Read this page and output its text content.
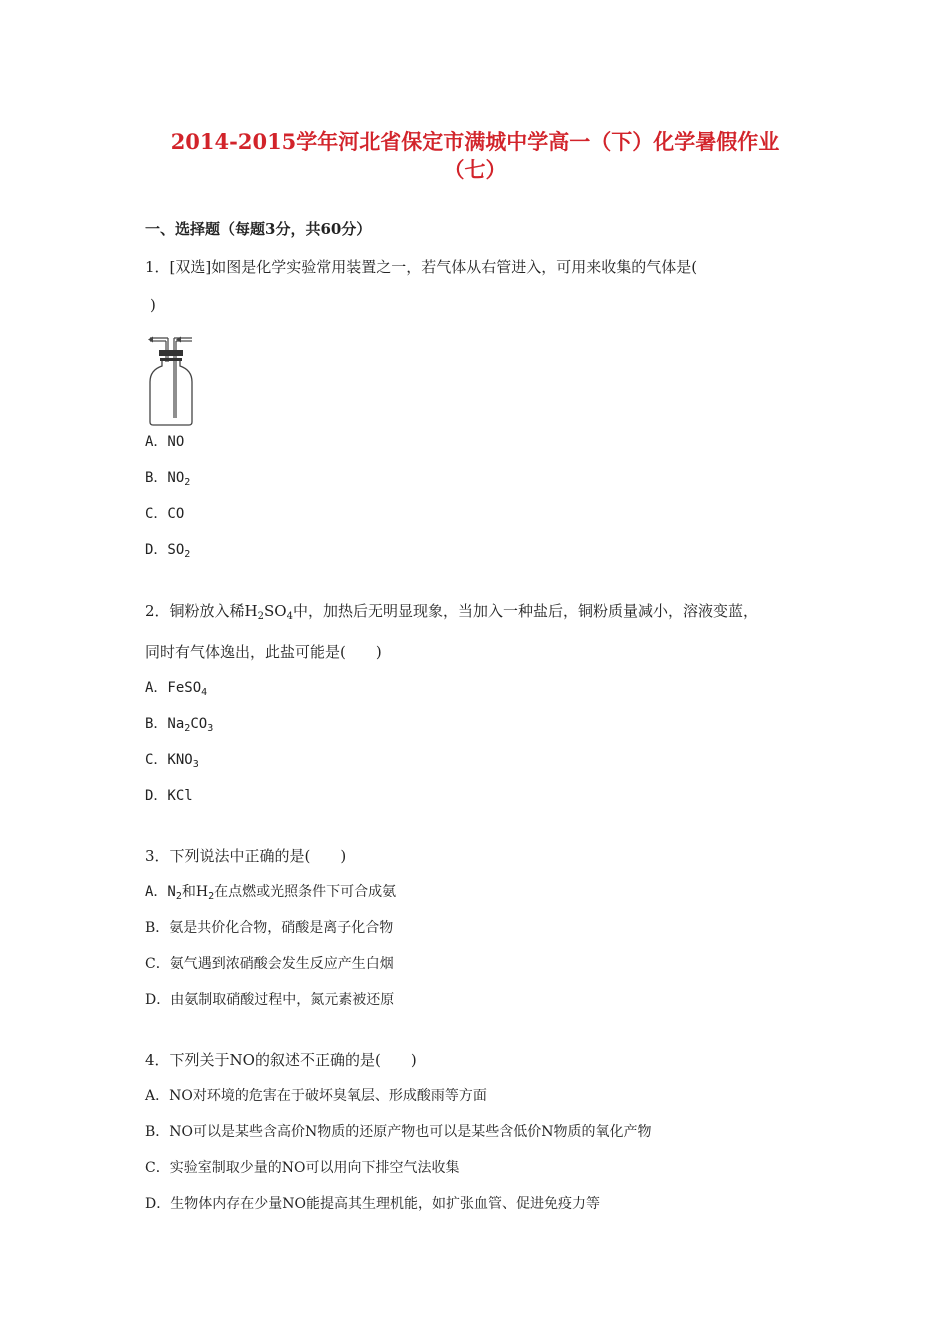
2014-2015学年河北省保定市满城中学高一（下）化学暑假作业
（七）
一、选择题（每题3分，共60分）
1．[双选]如图是化学实验常用装置之一，若气体从右管进入，可用来收集的气体是(
)
A．NO
B．$NO_2$
C．CO
D．$SO_2$
2．铜粉放入稀$H_2SO_4$中，加热后无明显现象，当加入一种盐后，铜粉质量减小，溶液变蓝，
同时有气体逸出，此盐可能是(　　)
A．FeSO$_4$
B．$Na_2CO_3$
C．$KNO_3$
D．KCl
3．下列说法中正确的是(　　)
A．$N_2$和$H_2$在点燃或光照条件下可合成氨
B．氨是共价化合物，硝酸是离子化合物
C．氨气遇到浓硝酸会发生反应产生白烟
D．由氨制取硝酸过程中，氮元素被还原
4．下列关于NO的叙述不正确的是(　　)
A．NO对环境的危害在于破坏臭氧层、形成酸雨等方面
B．NO可以是某些含高价N物质的还原产物也可以是某些含低价N物质的氧化产物
C．实验室制取少量的NO可以用向下排空气法收集
D．生物体内存在少量NO能提高其生理机能，如扩张血管、促进免疫力等
